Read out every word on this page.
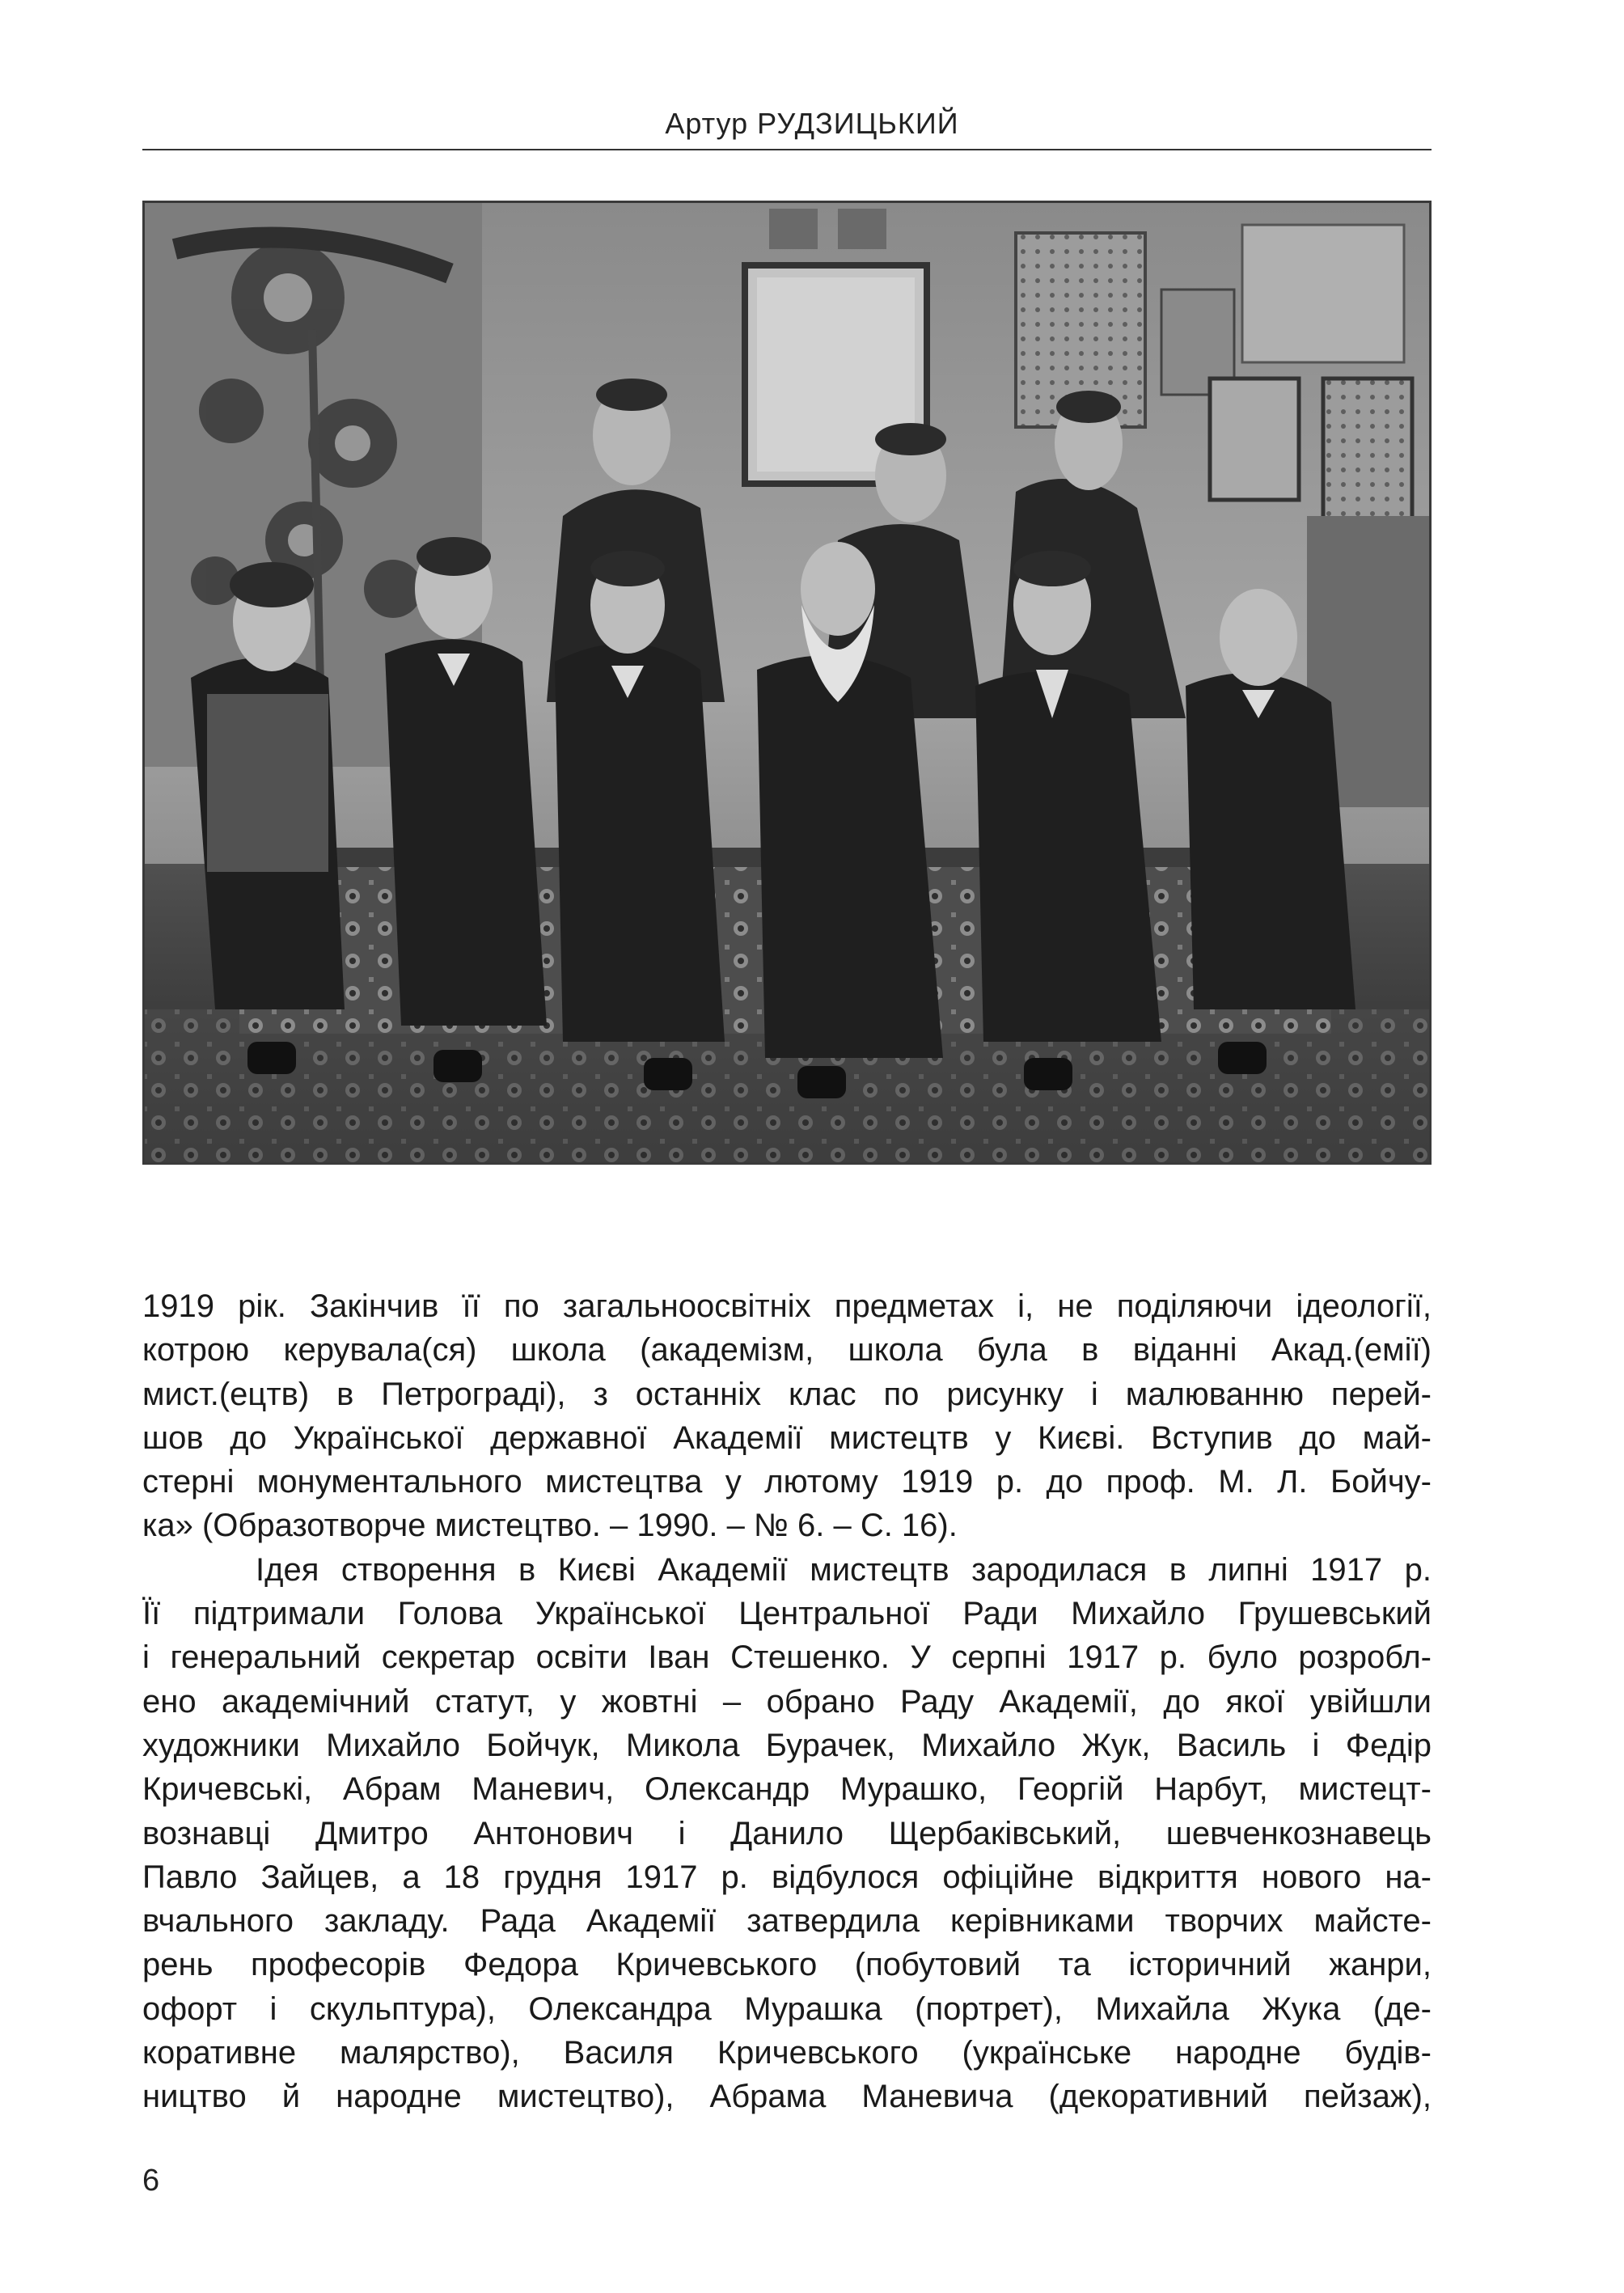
Артур РУДЗИЦЬКИЙ
1919 рік. Закінчив її по загальноосвітніх предметах і, не поділяючи ідеології,
котрою керувала(ся) школа (академізм, школа була в віданні Акад.(емії)
мист.(ецтв) в Петрограді), з останніх клас по рисунку і малюванню перей-
шов до Української державної Академії мистецтв у Києві. Вступив до май-
стерні монументального мистецтва у лютому 1919 р. до проф. М. Л. Бойчу-
ка» (Образотворче мистецтво. – 1990. – № 6. – С. 16).
Ідея створення в Києві Академії мистецтв зародилася в липні 1917 р.
Її підтримали Голова Української Центральної Ради Михайло Грушевський
і генеральний секретар освіти Іван Стешенко. У серпні 1917 р. було розробл-
ено академічний статут, у жовтні – обрано Раду Академії, до якої увійшли
художники Михайло Бойчук, Микола Бурачек, Михайло Жук, Василь і Федір
Кричевські, Абрам Маневич, Олександр Мурашко, Георгій Нарбут, мистецт-
вознавці Дмитро Антонович і Данило Щербаківський, шевченкознавець
Павло Зайцев, а 18 грудня 1917 р. відбулося офіційне відкриття нового на-
вчального закладу. Рада Академії затвердила керівниками творчих майсте-
рень професорів Федора Кричевського (побутовий та історичний жанри,
офорт і скульптура), Олександра Мурашка (портрет), Михайла Жука (де-
коративне малярство), Василя Кричевського (українське народне будів-
ництво й народне мистецтво), Абрама Маневича (декоративний пейзаж),
6
